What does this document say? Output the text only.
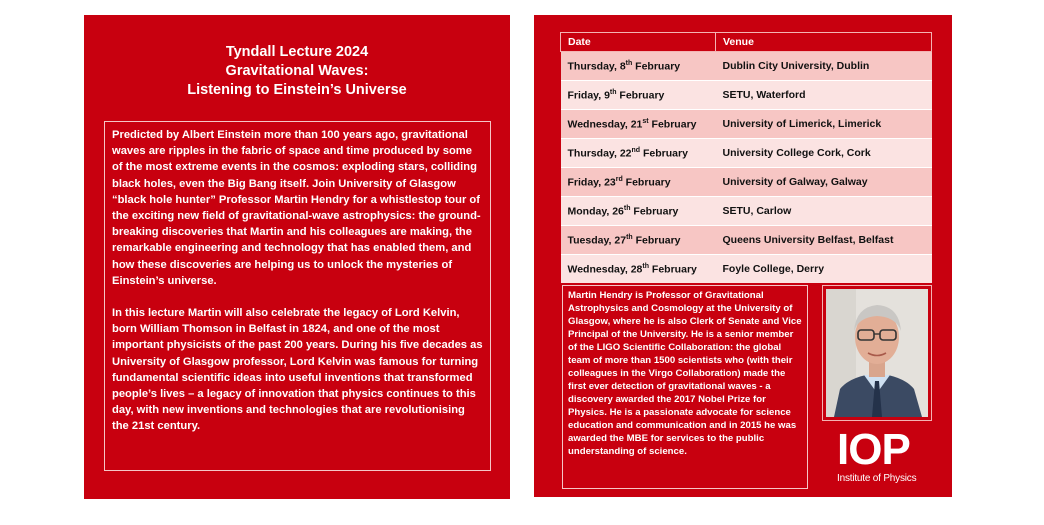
Tyndall Lecture 2024
Gravitational Waves:
Listening to Einstein’s Universe

Predicted by Albert Einstein more than 100 years ago, gravitational waves are ripples in the fabric of space and time produced by some of the most extreme events in the cosmos: exploding stars, colliding black holes, even the Big Bang itself. Join University of Glasgow “black hole hunter” Professor Martin Hendry for a whistlestop tour of the exciting new field of gravitational-wave astrophysics: the ground-breaking discoveries that Martin and his colleagues are making, the remarkable engineering and technology that has enabled them, and how these discoveries are helping us to unlock the mysteries of Einstein’s universe.

In this lecture Martin will also celebrate the legacy of Lord Kelvin, born William Thomson in Belfast in 1824, and one of the most important physicists of the past 200 years. During his five decades as University of Glasgow professor, Lord Kelvin was famous for turning fundamental scientific ideas into useful inventions that transformed people’s lives – a legacy of innovation that physics continues to this day, with new inventions and technologies that are revolutionising the 21st century.

Date	Venue
Thursday, 8th February	Dublin City University, Dublin
Friday, 9th February	SETU, Waterford
Wednesday, 21st February	University of Limerick, Limerick
Thursday, 22nd February	University College Cork, Cork
Friday, 23rd February	University of Galway, Galway
Monday, 26th February	SETU, Carlow
Tuesday, 27th February	Queens University Belfast, Belfast
Wednesday, 28th February	Foyle College, Derry
Martin Hendry is Professor of Gravitational Astrophysics and Cosmology at the University of Glasgow, where he is also Clerk of Senate and Vice Principal of the University. He is a senior member of the LIGO Scientific Collaboration: the global team of more than 1500 scientists who (with their colleagues in the Virgo Collaboration) made the first ever detection of gravitational waves - a discovery awarded the 2017 Nobel Prize for Physics. He is a passionate advocate for science education and communication and in 2015 he was awarded the MBE for services to the public understanding of science.	IOP
Institute of Physics
